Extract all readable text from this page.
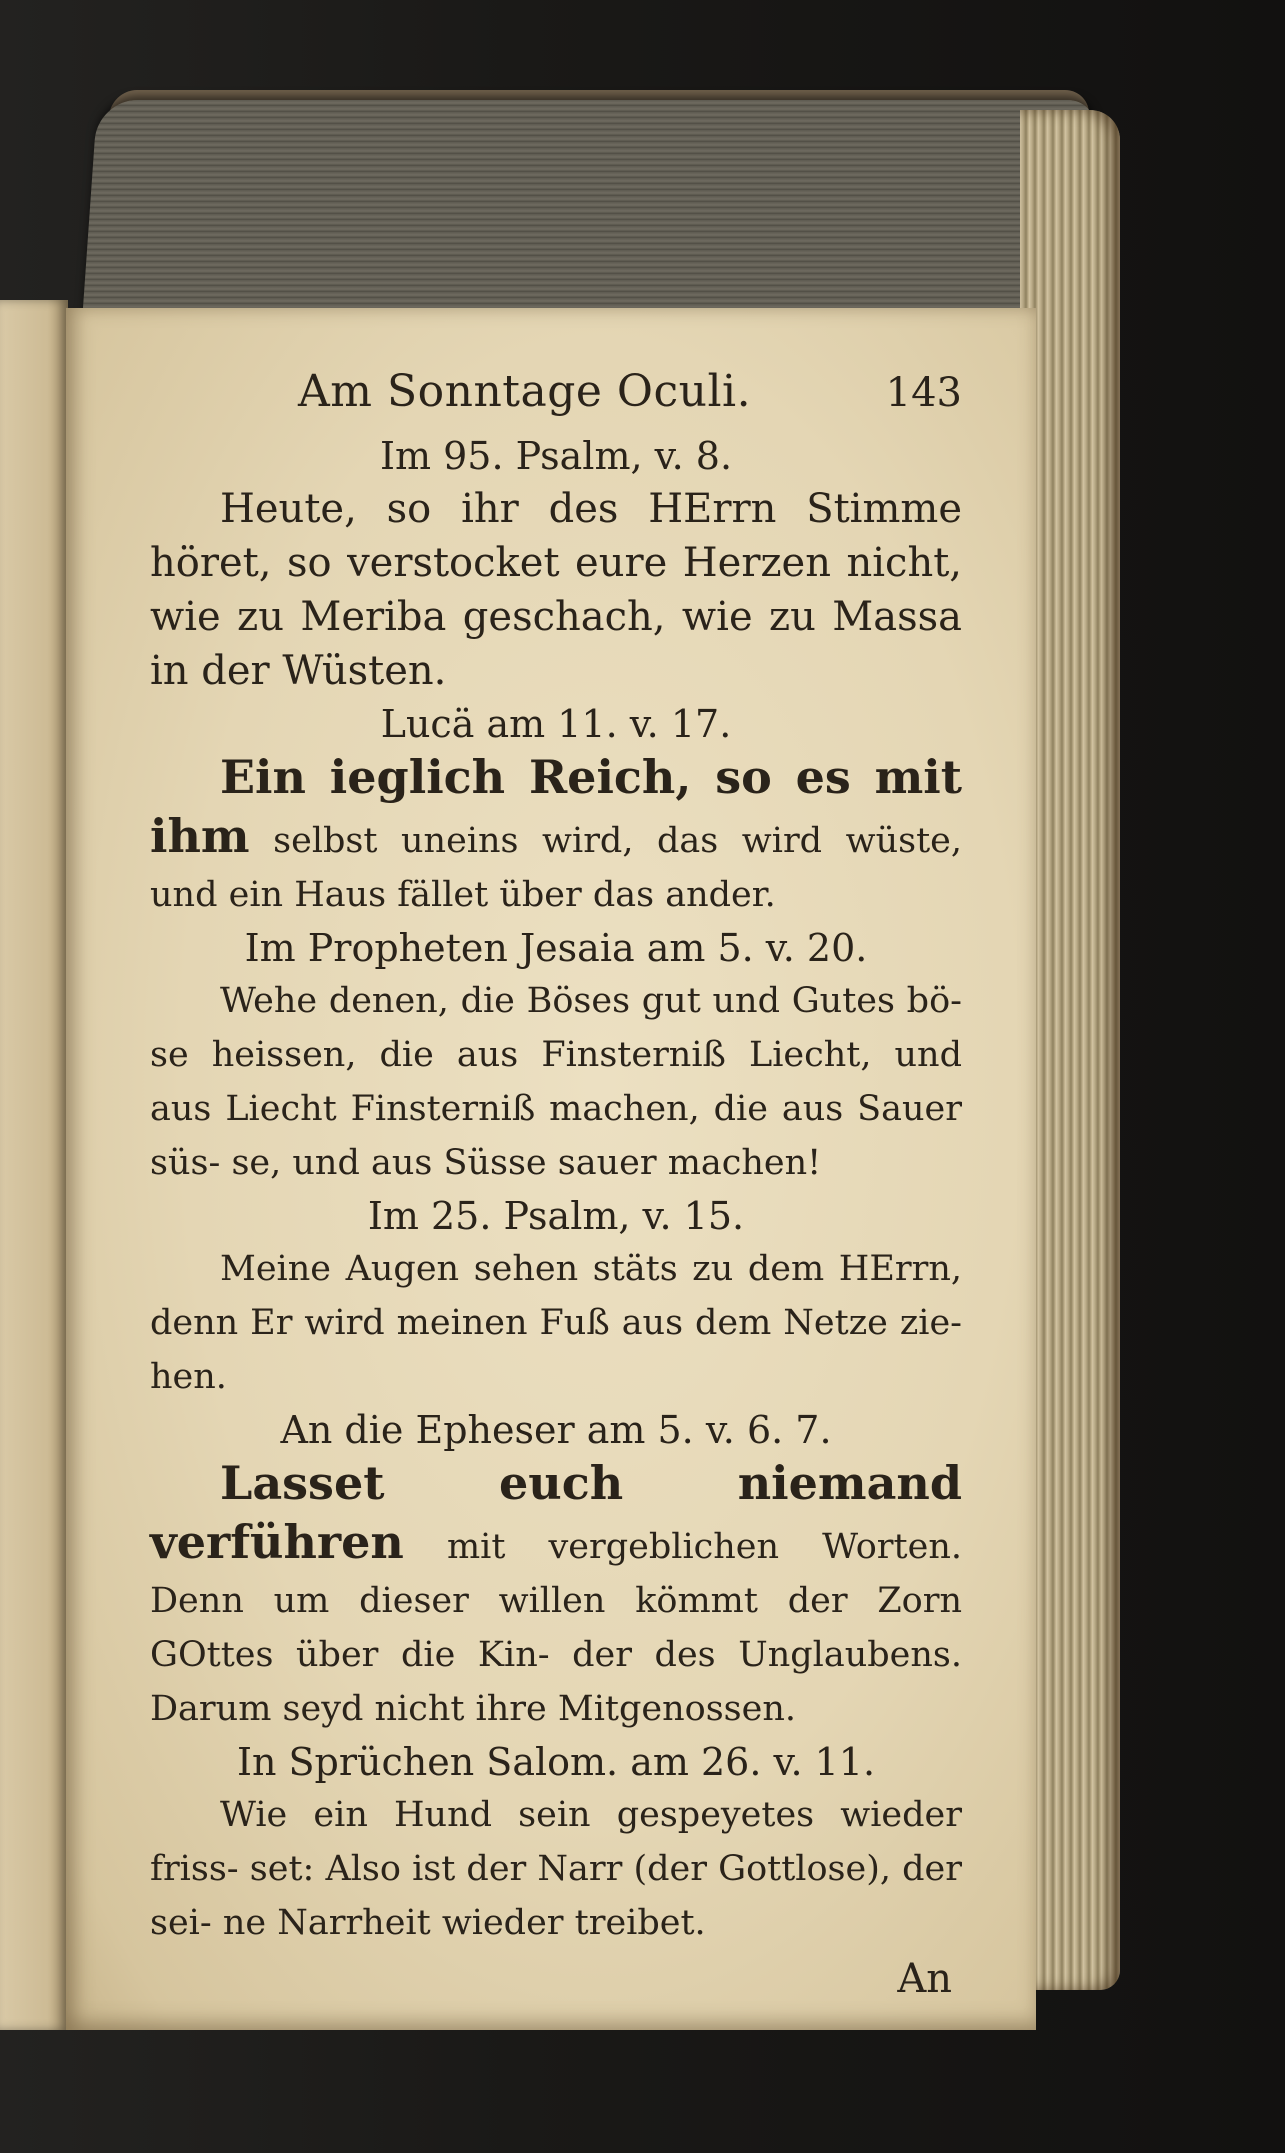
Am Sonntage Oculi.	143

Im 95. Psalm, v. 8.

Heute, so ihr des HErrn Stimme höret, so verstocket eure Herzen nicht, wie zu Meriba geschach, wie zu Massa in der Wüsten.

Lucä am 11. v. 17.

Ein ieglich Reich, so es mit ihm selbst uneins wird, das wird wüste, und ein Haus fället über das ander.

Im Propheten Jesaia am 5. v. 20.

Wehe denen, die Böses gut und Gutes bö- se heissen, die aus Finsterniß Liecht, und aus Liecht Finsterniß machen, die aus Sauer süs- se, und aus Süsse sauer machen!

Im 25. Psalm, v. 15.

Meine Augen sehen stäts zu dem HErrn, denn Er wird meinen Fuß aus dem Netze zie- hen.

An die Epheser am 5. v. 6. 7.

Lasset euch niemand verführen mit vergeblichen Worten. Denn um dieser willen kömmt der Zorn GOttes über die Kin- der des Unglaubens. Darum seyd nicht ihre Mitgenossen.

In Sprüchen Salom. am 26. v. 11.

Wie ein Hund sein gespeyetes wieder friss- set: Also ist der Narr (der Gottlose), der sei- ne Narrheit wieder treibet.

An
